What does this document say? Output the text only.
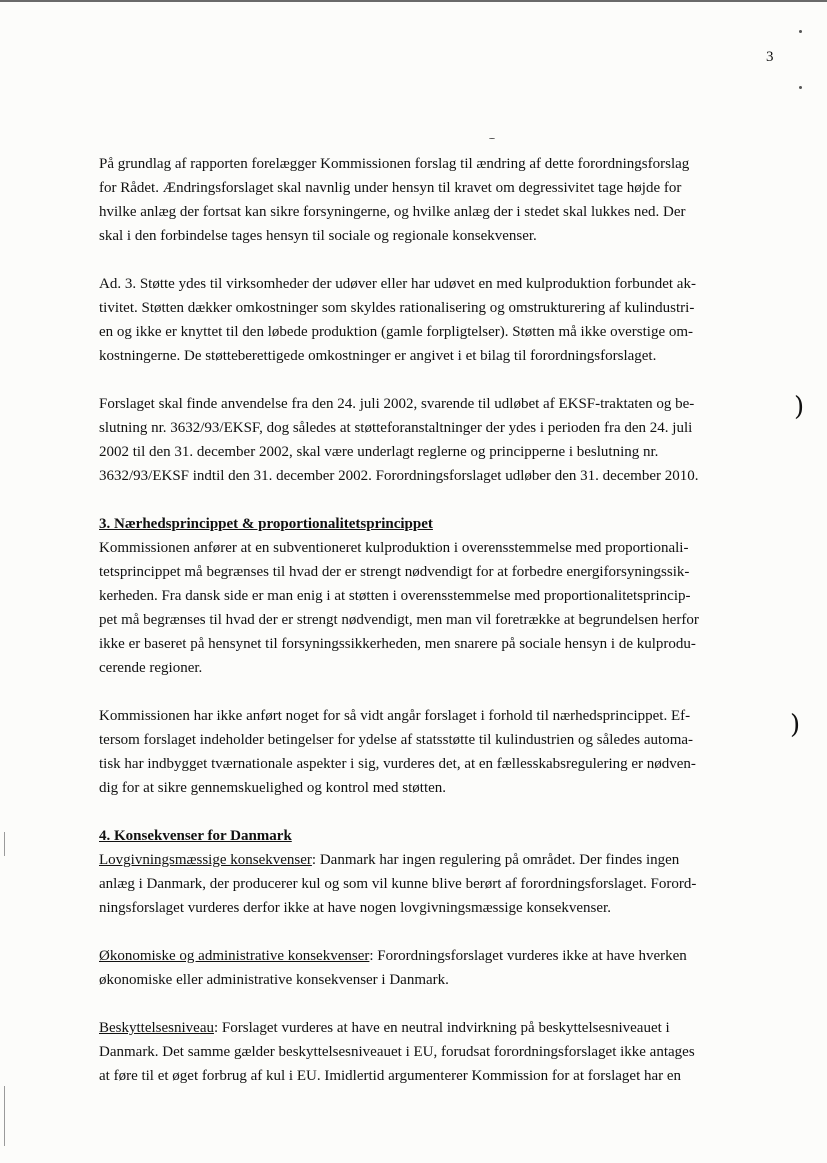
)
)
3
På grundlag af rapporten forelægger Kommissionen forslag til ændring af dette forordningsforslag
for Rådet. Ændringsforslaget skal navnlig under hensyn til kravet om degressivitet tage højde for
hvilke anlæg der fortsat kan sikre forsyningerne, og hvilke anlæg der i stedet skal lukkes ned. Der
skal i den forbindelse tages hensyn til sociale og regionale konsekvenser.
Ad. 3. Støtte ydes til virksomheder der udøver eller har udøvet en med kulproduktion forbundet ak-
tivitet. Støtten dækker omkostninger som skyldes rationalisering og omstrukturering af kulindustri-
en og ikke er knyttet til den løbede produktion (gamle forpligtelser). Støtten må ikke overstige om-
kostningerne. De støtteberettigede omkostninger er angivet i et bilag til forordningsforslaget.
Forslaget skal finde anvendelse fra den 24. juli 2002, svarende til udløbet af EKSF-traktaten og be-
slutning nr. 3632/93/EKSF, dog således at støtteforanstaltninger der ydes i perioden fra den 24. juli
2002 til den 31. december 2002, skal være underlagt reglerne og principperne i beslutning nr.
3632/93/EKSF indtil den 31. december 2002. Forordningsforslaget udløber den 31. december 2010.
3. Nærhedsprincippet & proportionalitetsprincippet
Kommissionen anfører at en subventioneret kulproduktion i overensstemmelse med proportionali-
tetsprincippet må begrænses til hvad der er strengt nødvendigt for at forbedre energiforsyningssik-
kerheden. Fra dansk side er man enig i at støtten i overensstemmelse med proportionalitetsprincip-
pet må begrænses til hvad der er strengt nødvendigt, men man vil foretrække at begrundelsen herfor
ikke er baseret på hensynet til forsyningssikkerheden, men snarere på sociale hensyn i de kulprodu-
cerende regioner.
Kommissionen har ikke anført noget for så vidt angår forslaget i forhold til nærhedsprincippet. Ef-
tersom forslaget indeholder betingelser for ydelse af statsstøtte til kulindustrien og således automa-
tisk har indbygget tværnationale aspekter i sig, vurderes det, at en fællesskabsregulering er nødven-
dig for at sikre gennemskuelighed og kontrol med støtten.
4. Konsekvenser for Danmark
Lovgivningsmæssige konsekvenser: Danmark har ingen regulering på området. Der findes ingen
anlæg i Danmark, der producerer kul og som vil kunne blive berørt af forordningsforslaget. Forord-
ningsforslaget vurderes derfor ikke at have nogen lovgivningsmæssige konsekvenser.
Økonomiske og administrative konsekvenser: Forordningsforslaget vurderes ikke at have hverken
økonomiske eller administrative konsekvenser i Danmark.
Beskyttelsesniveau: Forslaget vurderes at have en neutral indvirkning på beskyttelsesniveauet i
Danmark. Det samme gælder beskyttelsesniveauet i EU, forudsat forordningsforslaget ikke antages
at føre til et øget forbrug af kul i EU. Imidlertid argumenterer Kommission for at forslaget har en
